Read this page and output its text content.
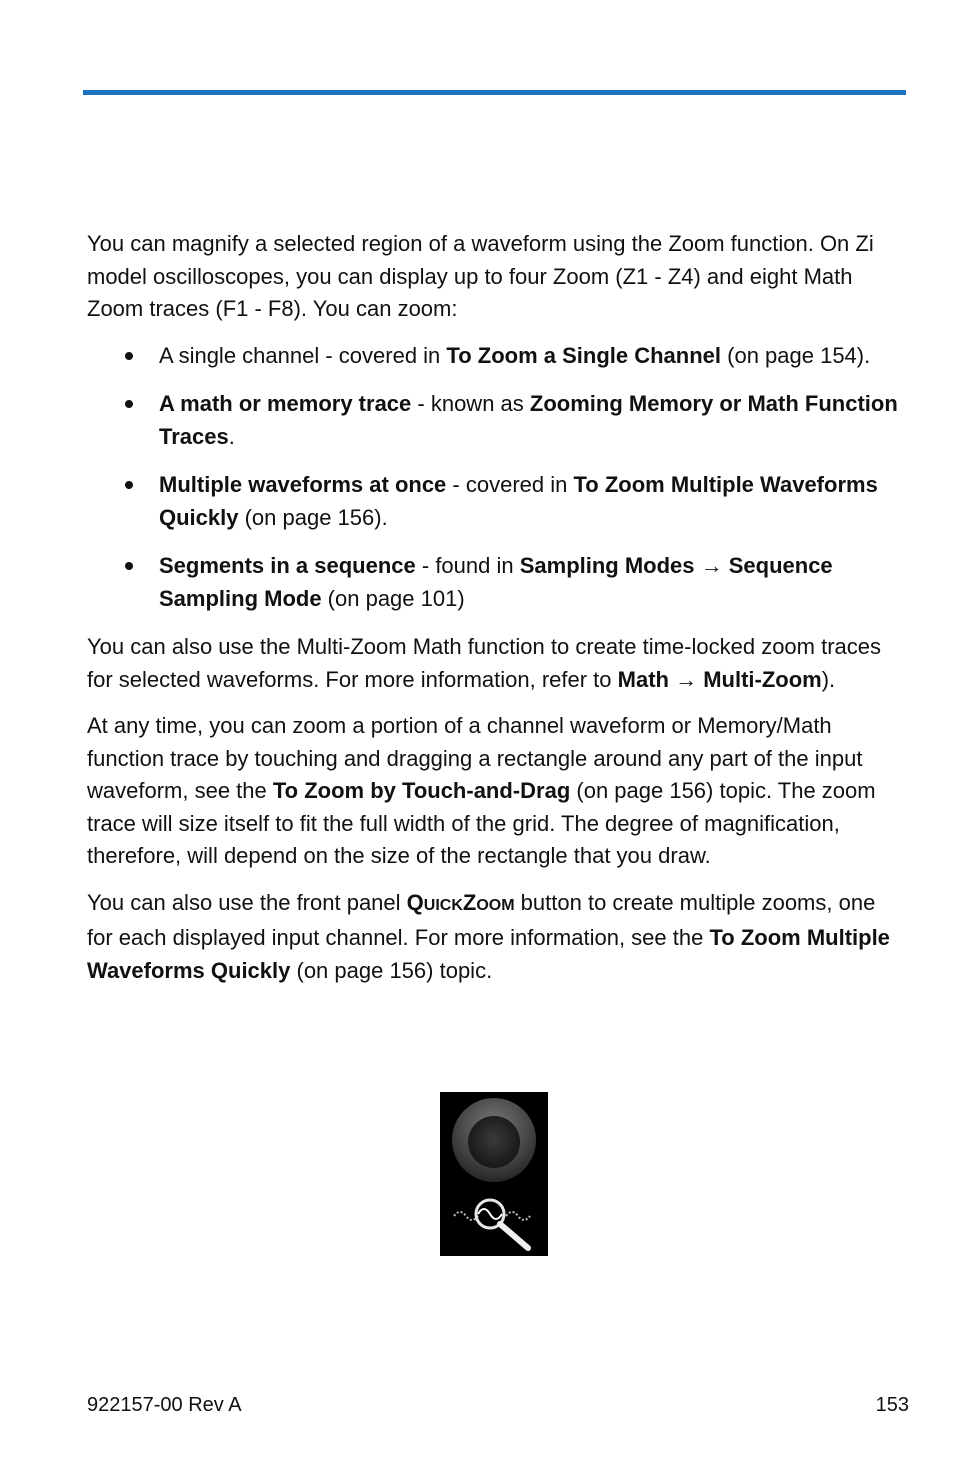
You can magnify a selected region of a waveform using the Zoom function. On Zi model oscilloscopes, you can display up to four Zoom (Z1 - Z4) and eight Math Zoom traces (F1 - F8). You can zoom:

A single channel - covered in To Zoom a Single Channel (on page 154).
A math or memory trace - known as Zooming Memory or Math Function Traces.
Multiple waveforms at once - covered in To Zoom Multiple Waveforms Quickly (on page 156).
Segments in a sequence - found in Sampling Modes → Sequence Sampling Mode (on page 101)

You can also use the Multi-Zoom Math function to create time-locked zoom traces for selected waveforms. For more information, refer to Math → Multi-Zoom).

At any time, you can zoom a portion of a channel waveform or Memory/Math function trace by touching and dragging a rectangle around any part of the input waveform, see the To Zoom by Touch-and-Drag (on page 156) topic. The zoom trace will size itself to fit the full width of the grid. The degree of magnification, therefore, will depend on the size of the rectangle that you draw.

You can also use the front panel QUICKZOOM button to create multiple zooms, one for each displayed input channel. For more information, see the To Zoom Multiple Waveforms Quickly (on page 156) topic.

922157-00 Rev A	153
